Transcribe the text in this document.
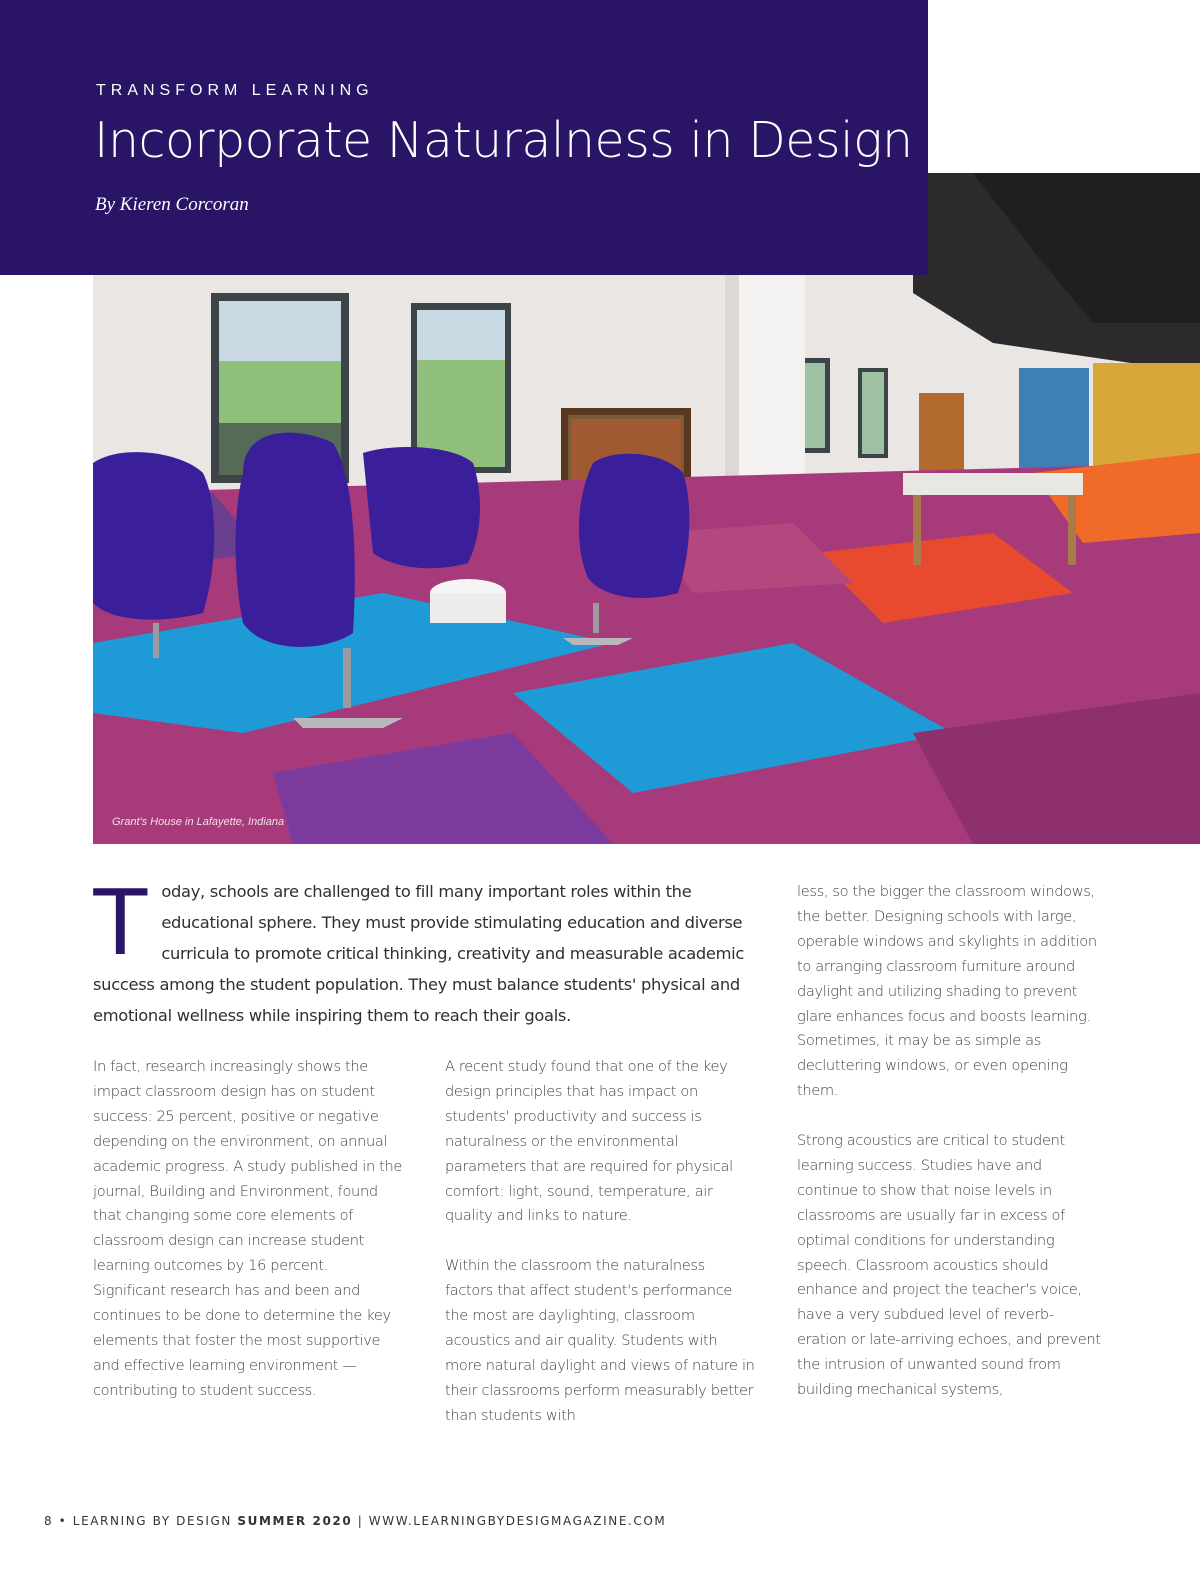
TRANSFORM LEARNING
Incorporate Naturalness in Design
By Kieren Corcoran
Grant's House in Lafayette, Indiana
Today, schools are challenged to fill many important roles within the educational sphere. They must provide stimulating education and diverse curricula to promote critical thinking, creativity and measurable academic success among the student population. They must balance students' physical and emotional wellness while inspiring them to reach their goals.

In fact, research increasingly shows the impact classroom design has on student success: 25 percent, positive or negative depending on the environment, on annual academic progress. A study published in the journal, Building and Environment, found that changing some core elements of classroom design can increase student learning outcomes by 16 percent. Significant research has and been and continues to be done to determine the key elements that foster the most supportive and effective learning environment — contributing to student success.

A recent study found that one of the key design principles that has impact on students' productivity and success is naturalness or the environmental parameters that are required for physical comfort: light, sound, temperature, air quality and links to nature.

Within the classroom the naturalness factors that affect student's performance the most are daylighting, classroom acoustics and air quality. Students with more natural daylight and views of nature in their classrooms perform measurably better than students with

less, so the bigger the classroom windows, the better. Designing schools with large, operable windows and skylights in addition to arranging classroom furniture around daylight and utilizing shading to prevent glare enhances focus and boosts learning. Sometimes, it may be as simple as decluttering windows, or even opening them.

Strong acoustics are critical to student learning success. Studies have and continue to show that noise levels in classrooms are usually far in excess of optimal conditions for understanding speech. Classroom acoustics should enhance and project the teacher's voice, have a very subdued level of reverb-eration or late-arriving echoes, and prevent the intrusion of unwanted sound from building mechanical systems,

8 • LEARNING BY DESIGN SUMMER 2020 | WWW.LEARNINGBYDESIGMAGAZINE.COM
